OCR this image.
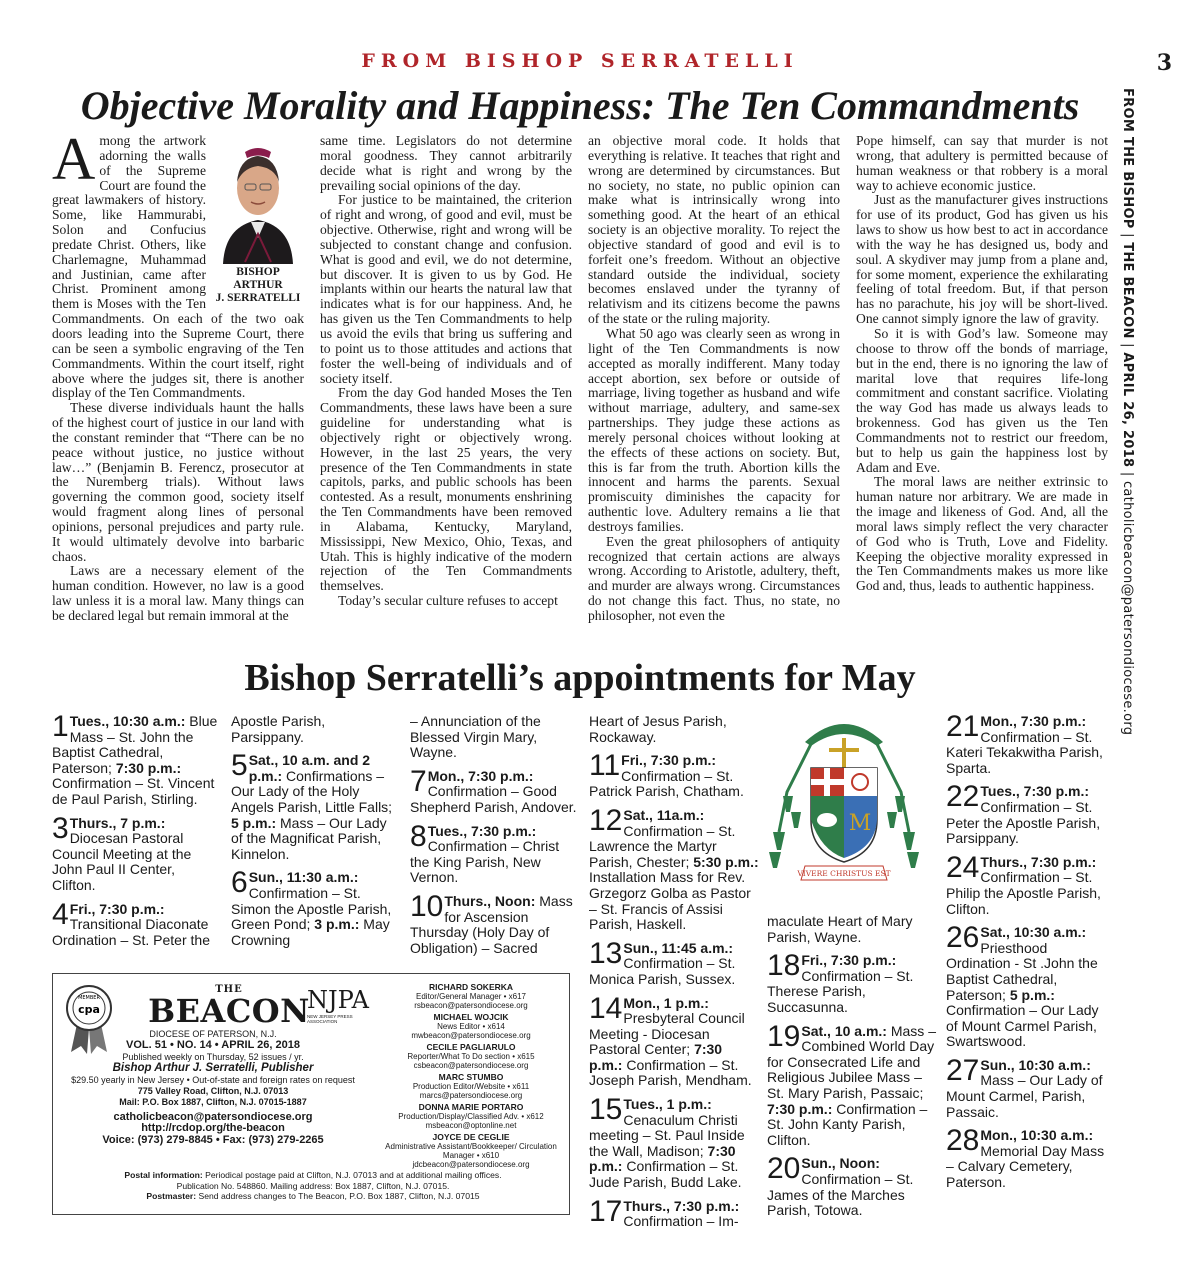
FROM BISHOP SERRATELLI	3
Objective Morality and Happiness: The Ten Commandments	FROM THE BISHOP | THE BEACON | APRIL 26, 2018 | catholicbeacon@patersondiocese.org
BISHOP ARTHUR
J. SERRATELLI

Among the artwork adorning the walls of the Supreme Court are found the great lawmakers of history. Some, like Hammurabi, Solon and Confucius predate Christ. Others, like Charlemagne, Muhammad and Justinian, came after Christ. Prominent among them is Moses with the Ten Commandments. On each of the two oak doors leading into the Supreme Court, there can be seen a symbolic engraving of the Ten Commandments. Within the court itself, right above where the judges sit, there is another display of the Ten Commandments.

These diverse individuals haunt the halls of the highest court of justice in our land with the constant reminder that “There can be no peace without justice, no justice without law…” (Benjamin B. Ferencz, prosecutor at the Nuremberg trials). Without laws governing the common good, society itself would fragment along lines of personal opinions, personal prejudices and party rule. It would ultimately devolve into barbaric chaos.

Laws are a necessary element of the human condition. However, no law is a good law unless it is a moral law. Many things can be declared legal but remain immoral at the

same time. Legislators do not determine moral goodness. They cannot arbitrarily decide what is right and wrong by the prevailing social opinions of the day.

For justice to be maintained, the criterion of right and wrong, of good and evil, must be objective. Otherwise, right and wrong will be subjected to constant change and confusion. What is good and evil, we do not determine, but discover. It is given to us by God. He implants within our hearts the natural law that indicates what is for our happiness. And, he has given us the Ten Commandments to help us avoid the evils that bring us suffering and to point us to those attitudes and actions that foster the well-being of individuals and of society itself.

From the day God handed Moses the Ten Commandments, these laws have been a sure guideline for understanding what is objectively right or objectively wrong. However, in the last 25 years, the very presence of the Ten Commandments in state capitols, parks, and public schools has been contested. As a result, monuments enshrining the Ten Commandments have been removed in Alabama, Kentucky, Maryland, Mississippi, New Mexico, Ohio, Texas, and Utah. This is highly indicative of the modern rejection of the Ten Commandments themselves.

Today’s secular culture refuses to accept

an objective moral code. It holds that everything is relative. It teaches that right and wrong are determined by circumstances. But no society, no state, no public opinion can make what is intrinsically wrong into something good. At the heart of an ethical society is an objective morality. To reject the objective standard of good and evil is to forfeit one’s freedom. Without an objective standard outside the individual, society becomes enslaved under the tyranny of relativism and its citizens become the pawns of the state or the ruling majority.

What 50 ago was clearly seen as wrong in light of the Ten Commandments is now accepted as morally indifferent. Many today accept abortion, sex before or outside of marriage, living together as husband and wife without marriage, adultery, and same-sex partnerships. They judge these actions as merely personal choices without looking at the effects of these actions on society. But, this is far from the truth. Abortion kills the innocent and harms the parents. Sexual promiscuity diminishes the capacity for authentic love. Adultery remains a lie that destroys families.

Even the great philosophers of antiquity recognized that certain actions are always wrong. According to Aristotle, adultery, theft, and murder are always wrong. Circumstances do not change this fact. Thus, no state, no philosopher, not even the

Pope himself, can say that murder is not wrong, that adultery is permitted because of human weakness or that robbery is a moral way to achieve economic justice.

Just as the manufacturer gives instructions for use of its product, God has given us his laws to show us how best to act in accordance with the way he has designed us, body and soul. A skydiver may jump from a plane and, for some moment, experience the exhilarating feeling of total freedom. But, if that person has no parachute, his joy will be short-lived. One cannot simply ignore the law of gravity.

So it is with God’s law. Someone may choose to throw off the bonds of marriage, but in the end, there is no ignoring the law of marital love that requires life-long commitment and constant sacrifice. Violating the way God has made us always leads to brokenness. God has given us the Ten Commandments not to restrict our freedom, but to help us gain the happiness lost by Adam and Eve.

The moral laws are neither extrinsic to human nature nor arbitrary. We are made in the image and likeness of God. And, all the moral laws simply reflect the very character of God who is Truth, Love and Fidelity. Keeping the objective morality expressed in the Ten Commandments makes us more like God and, thus, leads to authentic happiness.

Bishop Serratelli’s appointments for May
1 Tues., 10:30 a.m.: Blue Mass – St. John the Baptist Cathedral, Paterson; 7:30 p.m.: Confirmation – St. Vincent de Paul Parish, Stirling.
3 Thurs., 7 p.m.: Diocesan Pastoral Council Meeting at the John Paul II Center, Clifton.
4 Fri., 7:30 p.m.: Transitional Diaconate Ordination – St. Peter the
Apostle Parish, Parsippany.
5 Sat., 10 a.m. and 2 p.m.: Confirmations – Our Lady of the Holy Angels Parish, Little Falls; 5 p.m.: Mass – Our Lady of the Magnificat Parish, Kinnelon.
6 Sun., 11:30 a.m.: Confirmation – St. Simon the Apostle Parish, Green Pond; 3 p.m.: May Crowning
– Annunciation of the Blessed Virgin Mary, Wayne.
7 Mon., 7:30 p.m.: Confirmation – Good Shepherd Parish, Andover.
8 Tues., 7:30 p.m.: Confirmation – Christ the King Parish, New Vernon.
10 Thurs., Noon: Mass for Ascension Thursday (Holy Day of Obligation) – Sacred
Heart of Jesus Parish, Rockaway.
11 Fri., 7:30 p.m.: Confirmation – St. Patrick Parish, Chatham.
12 Sat., 11a.m.: Confirmation – St. Lawrence the Martyr Parish, Chester; 5:30 p.m.: Installation Mass for Rev. Grzegorz Golba as Pastor – St. Francis of Assisi Parish, Haskell.
13 Sun., 11:45 a.m.: Confirmation – St. Monica Parish, Sussex.
14 Mon., 1 p.m.: Presbyteral Council Meeting - Diocesan Pastoral Center; 7:30 p.m.: Confirmation – St. Joseph Parish, Mendham.
15 Tues., 1 p.m.: Cenaculum Christi meeting – St. Paul Inside the Wall, Madison; 7:30 p.m.: Confirmation – St. Jude Parish, Budd Lake.
17 Thurs., 7:30 p.m.: Confirmation – Im-
maculate Heart of Mary Parish, Wayne.
18 Fri., 7:30 p.m.: Confirmation – St. Therese Parish, Succasunna.
19 Sat., 10 a.m.: Mass – Combined World Day for Consecrated Life and Religious Jubilee Mass – St. Mary Parish, Passaic; 7:30 p.m.: Confirmation – St. John Kanty Parish, Clifton.
20 Sun., Noon: Confirmation – St. James of the Marches Parish, Totowa.
21 Mon., 7:30 p.m.: Confirmation – St. Kateri Tekakwitha Parish, Sparta.
22 Tues., 7:30 p.m.: Confirmation – St. Peter the Apostle Parish, Parsippany.
24 Thurs., 7:30 p.m.: Confirmation – St. Philip the Apostle Parish, Clifton.
26 Sat., 10:30 a.m.: Priesthood Ordination - St .John the Baptist Cathedral, Paterson; 5 p.m.: Confirmation – Our Lady of Mount Carmel Parish, Swartswood.
27 Sun., 10:30 a.m.: Mass – Our Lady of Mount Carmel, Parish, Passaic.
28 Mon., 10:30 a.m.: Memorial Day Mass – Calvary Cemetery, Paterson.
M
VIVERE CHRISTUS EST
MEMBER
cpa
THE
BEACON
NJPA
NEW JERSEY PRESS ASSOCIATION
DIOCESE OF PATERSON, N.J.
VOL. 51 • NO. 14 • APRIL 26, 2018
Published weekly on Thursday, 52 issues / yr.
Bishop Arthur J. Serratelli, Publisher
$29.50 yearly in New Jersey • Out-of-state and foreign rates on request
775 Valley Road, Clifton, N.J. 07013
Mail: P.O. Box 1887, Clifton, N.J. 07015-1887
catholicbeacon@patersondiocese.org
http://rcdop.org/the-beacon
Voice: (973) 279-8845 • Fax: (973) 279-2265
RICHARD SOKERKA
Editor/General Manager • x617
rsbeacon@patersondiocese.org
MICHAEL WOJCIK
News Editor • x614
mwbeacon@patersondiocese.org
CECILE PAGLIARULO
Reporter/What To Do section • x615
csbeacon@patersondiocese.org
MARC STUMBO
Production Editor/Website • x611
marcs@patersondiocese.org
DONNA MARIE PORTARO
Production/Display/Classified Adv. • x612
msbeacon@optonline.net
JOYCE DE CEGLIE
Administrative Assistant/Bookkeeper/ Circulation Manager • x610
jdcbeacon@patersondiocese.org
Postal information: Periodical postage paid at Clifton, N.J. 07013 and at additional mailing offices.
Publication No. 548860. Mailing address: Box 1887, Clifton, N.J. 07015.
Postmaster: Send address changes to The Beacon, P.O. Box 1887, Clifton, N.J. 07015
